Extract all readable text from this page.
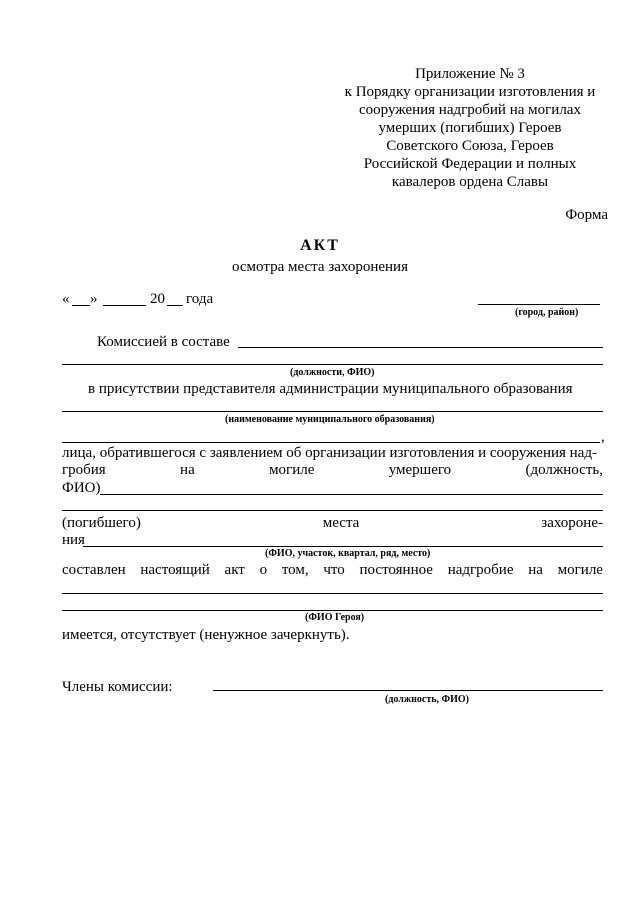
Приложение № 3
к Порядку организации изготовления и
сооружения надгробий на могилах
умерших (погибших) Героев
Советского Союза, Героев
Российской Федерации и полных
кавалеров ордена Славы
Форма
АКТ
осмотра места захоронения
« »	20 года
(город, район)
Комиссией в составе
(должности, ФИО)
в присутствии представителя администрации муниципального образования
(наименование муниципального образования)
,
лица, обратившегося с заявлением об организации изготовления и сооружения над-
гробия	на	могиле	умершего	(должность,
ФИО)
(погибшего)	места	захороне-
ния
(ФИО, участок, квартал, ряд, место)
составлен настоящий акт о том, что постоянное надгробие на могиле
(ФИО Героя)
имеется, отсутствует (ненужное зачеркнуть).
Члены комиссии:
(должность, ФИО)
